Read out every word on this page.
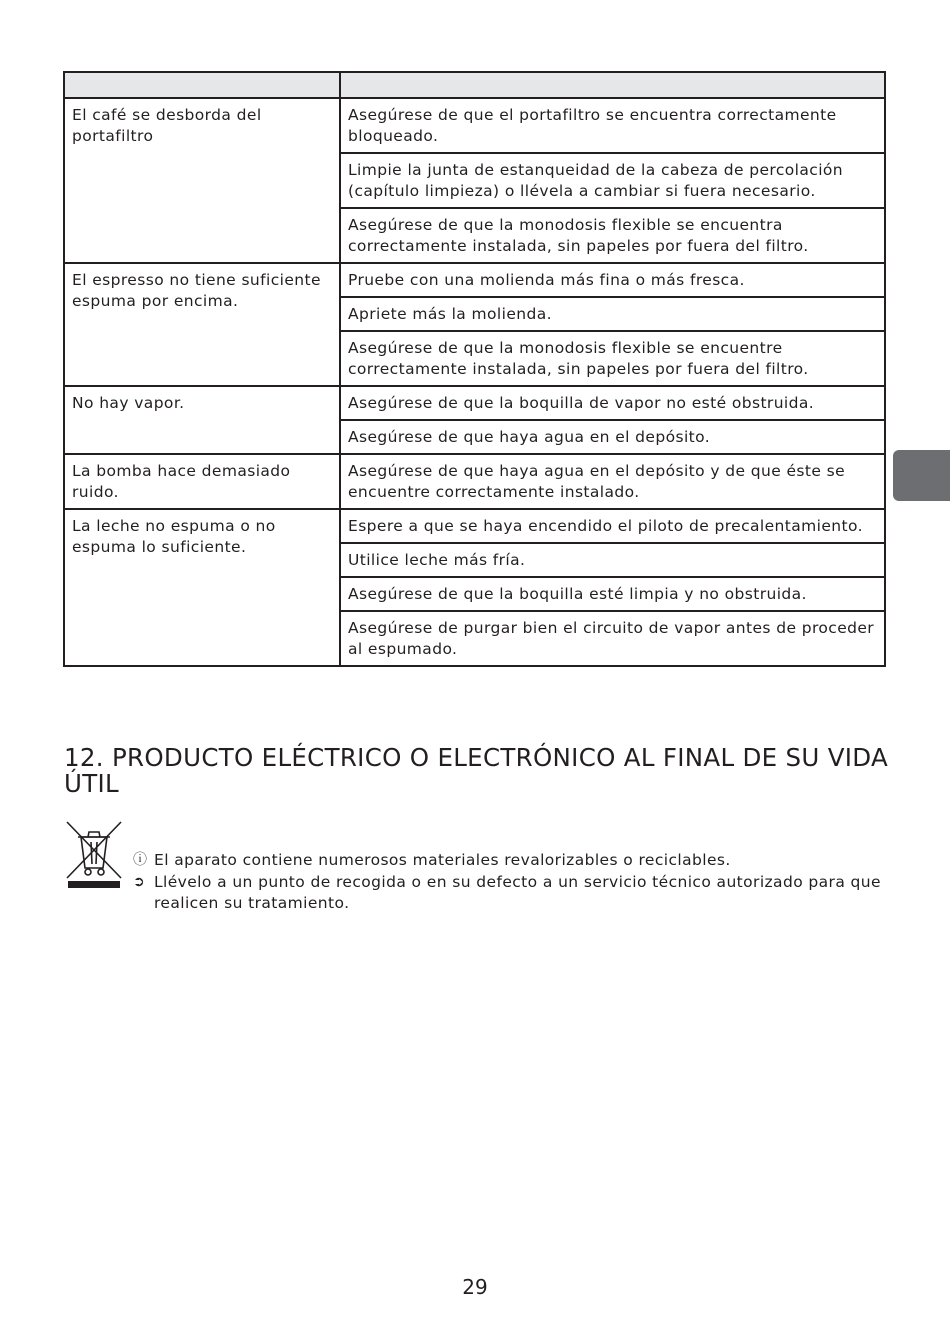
El café se desborda del portafiltro	Asegúrese de que el portafiltro se encuentra correctamente bloqueado.
	Limpie la junta de estanqueidad de la cabeza de percolación (capítulo limpieza) o llévela a cambiar si fuera necesario.
	Asegúrese de que la monodosis flexible se encuentra correctamente instalada, sin papeles por fuera del filtro.
El espresso no tiene suficiente espuma por encima.	Pruebe con una molienda más fina o más fresca.
	Apriete más la molienda.
	Asegúrese de que la monodosis flexible se encuentre correctamente instalada, sin papeles por fuera del filtro.
No hay vapor.	Asegúrese de que la boquilla de vapor no esté obstruida.
	Asegúrese de que haya agua en el depósito.
La bomba hace demasiado ruido.	Asegúrese de que haya agua en el depósito y de que éste se encuentre correctamente instalado.
La leche no espuma o no espuma lo suficiente.	Espere a que se haya encendido el piloto de precalentamiento.
	Utilice leche más fría.
	Asegúrese de que la boquilla esté limpia y no obstruida.
	Asegúrese de purgar bien el circuito de vapor antes de proceder al espumado.
12. PRODUCTO ELÉCTRICO O ELECTRÓNICO AL FINAL DE SU VIDA ÚTIL
ⓘ El aparato contiene numerosos materiales revalorizables o reciclables.
➲ Llévelo a un punto de recogida o en su defecto a un servicio técnico autorizado para que realicen su tratamiento.
29
